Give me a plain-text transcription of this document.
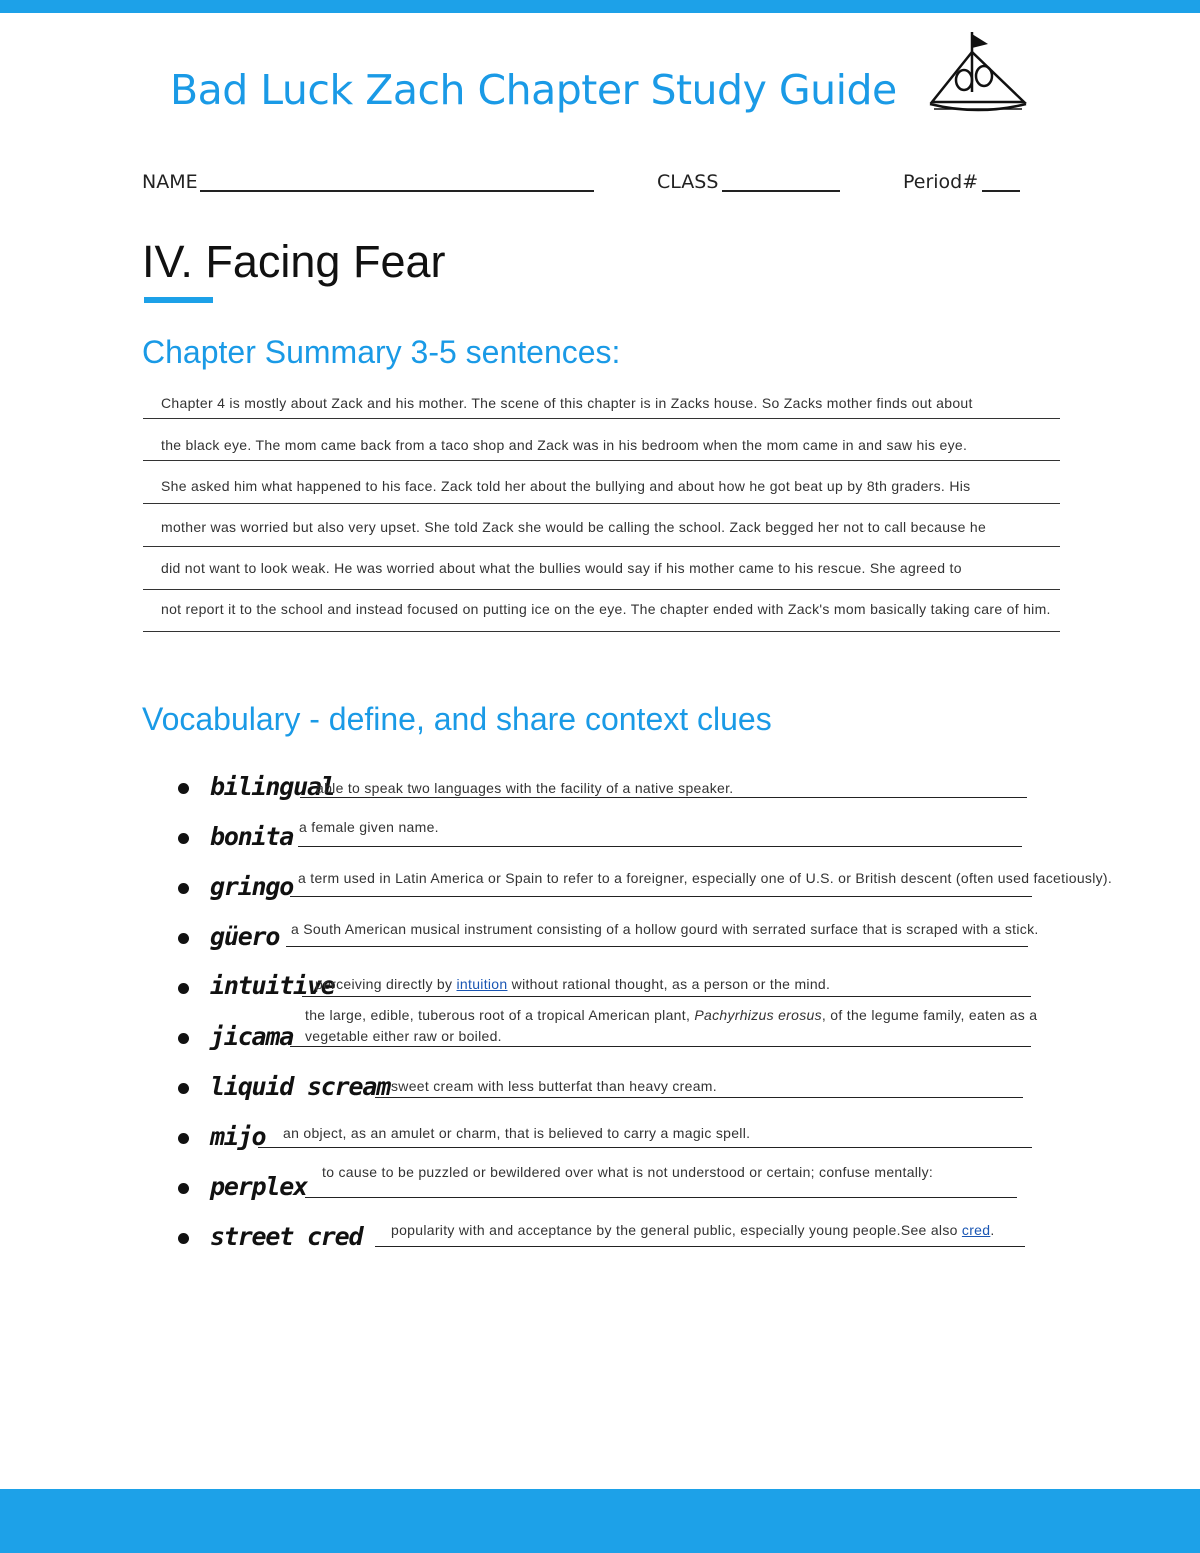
Bad Luck Zach Chapter Study Guide
NAME	CLASS	Period#
IV. Facing Fear
Chapter Summary 3-5 sentences:
Chapter 4 is mostly about Zack and his mother. The scene of this chapter is in Zacks house. So Zacks mother finds out about
the black eye. The mom came back from a taco shop and Zack was in his bedroom when the mom came in and saw his eye.
She asked him what happened to his face. Zack told her about the bullying and about how he got beat up by 8th graders. His
mother was worried but also very upset. She told Zack she would be calling the school. Zack begged her not to call because he
did not want to look weak. He was worried about what the bullies would say if his mother came to his rescue. She agreed to
not report it to the school and instead focused on putting ice on the eye. The chapter ended with Zack's mom basically taking care of him.
Vocabulary - define, and share context clues
bilingual
able to speak two languages with the facility of a native speaker.
bonita a female given name.
gringo a term used in Latin America or Spain to refer to a foreigner, especially one of U.S. or British descent (often used facetiously).
güero a South American musical instrument consisting of a hollow gourd with serrated surface that is scraped with a stick.
intuitive
perceiving directly by intuition without rational thought, as a person or the mind.
jicama
the large, edible, tuberous root of a tropical American plant, Pachyrhizus erosus, of the legume family, eaten as a
vegetable either raw or boiled.
liquid scream sweet cream with less butterfat than heavy cream.
mijo an object, as an amulet or charm, that is believed to carry a magic spell.
perplex to cause to be puzzled or bewildered over what is not understood or certain; confuse mentally:
street cred popularity with and acceptance by the general public, especially young people.See also cred.
